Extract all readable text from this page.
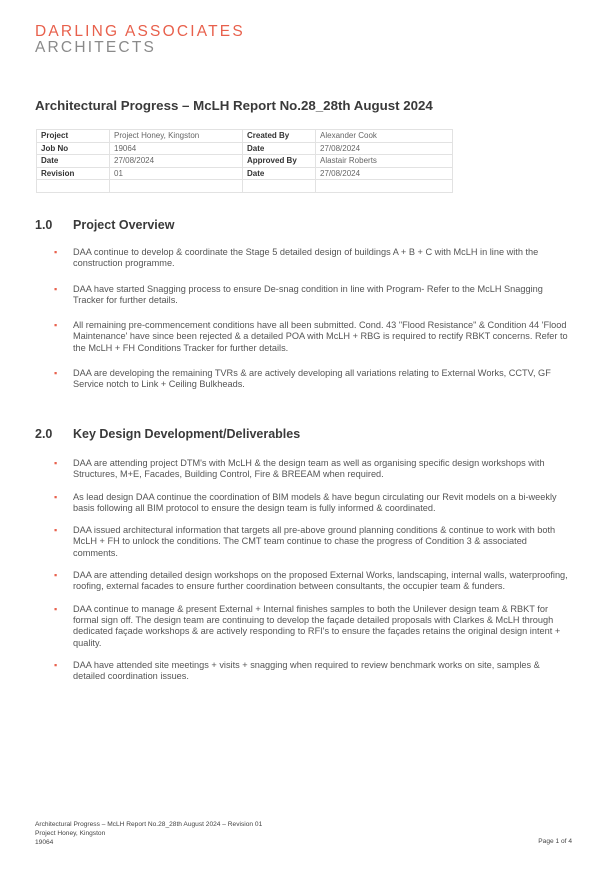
DARLING ASSOCIATES
ARCHITECTS
Architectural Progress – McLH Report No.28_28th August 2024
Project	Project Honey, Kingston	Created By	Alexander Cook
Job No	19064	Date	27/08/2024
Date	27/08/2024	Approved By	Alastair Roberts
Revision	01	Date	27/08/2024

1.0 Project Overview
▪ DAA continue to develop & coordinate the Stage 5 detailed design of buildings A + B + C with McLH in line with the construction programme.
▪ DAA have started Snagging process to ensure De-snag condition in line with Program- Refer to the McLH Snagging Tracker for further details.
▪ All remaining pre-commencement conditions have all been submitted. Cond. 43 "Flood Resistance" & Condition 44 'Flood Maintenance' have since been rejected & a detailed POA with McLH + RBG is required to rectify RBKT concerns. Refer to the McLH + FH Conditions Tracker for further details.
▪ DAA are developing the remaining TVRs & are actively developing all variations relating to External Works, CCTV, GF Service notch to Link + Ceiling Bulkheads.
2.0 Key Design Development/Deliverables
▪ DAA are attending project DTM's with McLH & the design team as well as organising specific design workshops with Structures, M+E, Facades, Building Control, Fire & BREEAM when required.
▪ As lead design DAA continue the coordination of BIM models & have begun circulating our Revit models on a bi-weekly basis following all BIM protocol to ensure the design team is fully informed & coordinated.
▪ DAA issued architectural information that targets all pre-above ground planning conditions & continue to work with both McLH + FH to unlock the conditions. The CMT team continue to chase the progress of Condition 3 & associated comments.
▪ DAA are attending detailed design workshops on the proposed External Works, landscaping, internal walls, waterproofing, roofing, external facades to ensure further coordination between consultants, the occupier team & funders.
▪ DAA continue to manage & present External + Internal finishes samples to both the Unilever design team & RBKT for formal sign off. The design team are continuing to develop the façade detailed proposals with Clarkes & McLH through dedicated façade workshops & are actively responding to RFI's to ensure the façades retains the original design intent + quality.
▪ DAA have attended site meetings + visits + snagging when required to review benchmark works on site, samples & detailed coordination issues.
Architectural Progress – McLH Report No.28_28th August 2024 – Revision 01
Project Honey, Kingston
19064	Page 1 of 4
